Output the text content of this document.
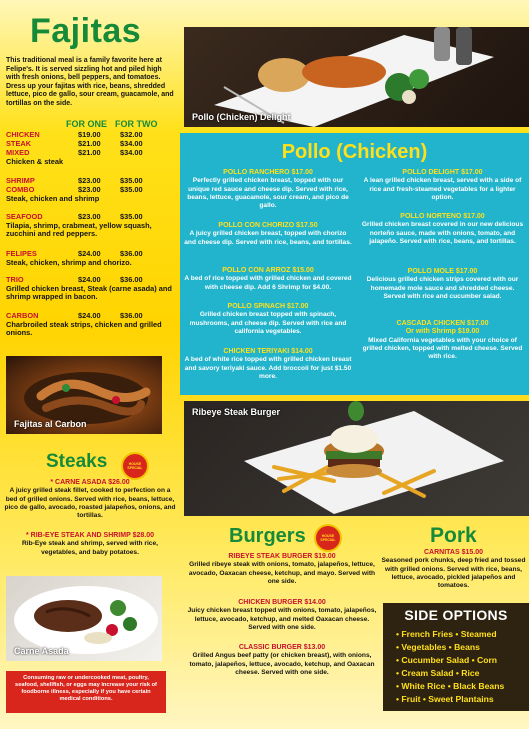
Fajitas
This traditional meal is a family favorite here at Felipe's. It is served sizzling hot and piled high with fresh onions, bell peppers, and tomatoes. Dress up your fajitas with rice, beans, shredded lettuce, pico de gallo, sour cream, guacamole, and tortillas on the side.
FOR ONE FOR TWO
CHICKEN	$19.00	$32.00
STEAK	$21.00	$34.00
MIXED	$21.00	$34.00
Chicken & steak
SHRIMP	$23.00	$35.00
COMBO	$23.00	$35.00
Steak, chicken and shrimp
SEAFOOD	$23.00	$35.00
Tilapia, shrimp, crabmeat, yellow squash, zucchini and red peppers.
FELIPES	$24.00	$36.00
Steak, chicken, shrimp and chorizo.
TRIO	$24.00	$36.00
Grilled chicken breast, Steak (carne asada) and shrimp wrapped in bacon.
CARBON	$24.00	$36.00
Charbroiled steak strips, chicken and grilled onions.
Fajitas al Carbon
Pollo (Chicken) Delight
Pollo (Chicken)
POLLO RANCHERO $17.00
Perfectly grilled chicken breast, topped with our unique red sauce and cheese dip. Served with rice, beans, lettuce, guacamole, sour cream, and pico de gallo.
POLLO CON CHORIZO $17.50
A juicy grilled chicken breast, topped with chorizo and cheese dip. Served with rice, beans, and tortillas.
POLLO CON ARROZ $15.00
A bed of rice topped with grilled chicken and covered with cheese dip. Add 6 Shrimp for $4.00.
POLLO SPINACH $17.00
Grilled chicken breast topped with spinach, mushrooms, and cheese dip. Served with rice and california vegetables.
CHICKEN TERIYAKI $14.00
A bed of white rice topped with grilled chicken breast and savory teriyaki sauce. Add broccoli for just $1.50 more.
POLLO DELIGHT $17.00
A lean grilled chicken breast, served with a side of rice and fresh-steamed vegetables for a lighter option.
POLLO NORTENO $17.00
Grilled chicken breast covered in our new delicious norteño sauce, made with onions, tomato, and jalapeño. Served with rice, beans, and tortillas.
POLLO MOLE $17.00
Delicious grilled chicken strips covered with our homemade mole sauce and shredded cheese. Served with rice and cucumber salad.
CASCADA CHICKEN $17.00
Or with Shrimp $19.00
Mixed California vegetables with your choice of grilled chicken, topped with melted cheese. Served with rice.
Ribeye Steak Burger
Steaks	HOUSE SPECIAL
* CARNE ASADA $26.00
A juicy grilled steak fillet, cooked to perfection on a bed of grilled onions. Served with rice, beans, lettuce, pico de gallo, avocado, roasted jalapeños, onions, and tortillas.
* RIB-EYE STEAK AND SHRIMP $28.00
Rib-Eye steak and shrimp, served with rice, vegetables, and baby potatoes.
Carne Asada
Consuming raw or undercooked meat, poultry, seafood, shellfish, or eggs may increase your risk of foodborne illness, especially if you have certain medical conditions.
Burgers	HOUSE SPECIAL
RIBEYE STEAK BURGER $19.00
Grilled ribeye steak with onions, tomato, jalapeños, lettuce, avocado, Oaxacan cheese, ketchup, and mayo. Served with one side.
CHICKEN BURGER $14.00
Juicy chicken breast topped with onions, tomato, jalapeños, lettuce, avocado, ketchup, and melted Oaxacan cheese. Served with one side.
CLASSIC BURGER $13.00
Grilled Angus beef patty (or chicken breast), with onions, tomato, jalapeños, lettuce, avocado, ketchup, and Oaxacan cheese. Served with one side.
Pork
CARNITAS $15.00
Seasoned pork chunks, deep fried and tossed with grilled onions. Served with rice, beans, lettuce, avocado, pickled jalapeños and tomatoes.
SIDE OPTIONS
• French Fries • Steamed
• Vegetables • Beans
• Cucumber Salad • Corn
• Cream Salad • Rice
• White Rice • Black Beans
• Fruit • Sweet Plantains
